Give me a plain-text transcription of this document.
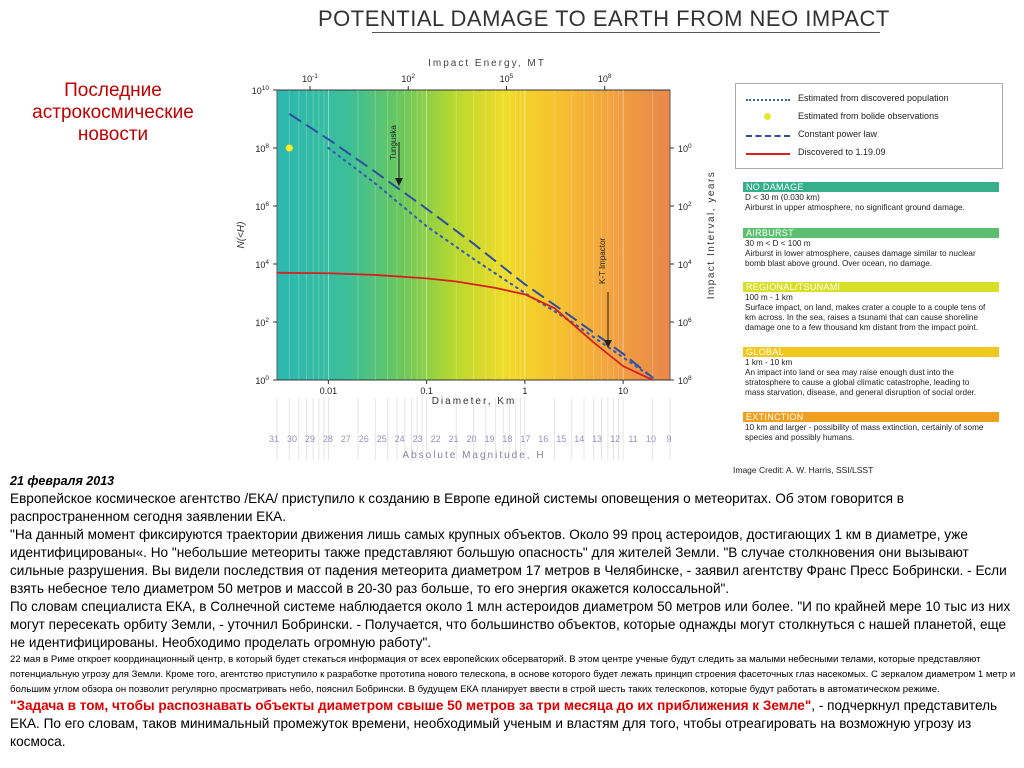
POTENTIAL DAMAGE TO EARTH FROM NEO IMPACT
Последние
астрокосмические
новости
Impact Energy, MT
$10^{-1}$	$10^2$	$10^5$	$10^8$
$10^{10}$
$10^8$
$10^6$
$10^4$
$10^2$
$10^0$
N(<H)
$10^0$
$10^2$
$10^4$
$10^6$
$10^8$
Impact Interval, years
0.01	0.1	1	10
Diameter, Km
31 30 29 28 27 26 25 24 23 22 21 20 19 18 17 16 15 14 13 12 11 10 9
Absolute Magnitude, H
Tunguska
K-T Impactor
Estimated from discovered population
Estimated from bolide observations
Constant power law
Discovered to 1.19.09
NO DAMAGE
D < 30 m (0.030 km)
Airburst in upper atmosphere, no significant ground damage.
AIRBURST
30 m < D < 100 m
Airburst in lower atmosphere, causes damage similar to nuclear
bomb blast above ground. Over ocean, no damage.
REGIONAL/TSUNAMI
100 m - 1 km
Surface impact, on land, makes crater a couple to a couple tens of
km across. In the sea, raises a tsunami that can cause shoreline
damage one to a few thousand km distant from the impact point.
GLOBAL
1 km - 10 km
An impact into land or sea may raise enough dust into the
stratosphere to cause a global climatic catastrophe, leading to
mass starvation, disease, and general disruption of social order.
EXTINCTION
10 km and larger - possibility of mass extinction, certainly of some
species and possibly humans.
Image Credit: A. W. Harris, SSI/LSST

21 февраля 2013

Европейское космическое агентство /ЕКА/ приступило к созданию в Европе единой системы оповещения о метеоритах. Об этом говорится в распространенном сегодня заявлении ЕКА.

"На данный момент фиксируются траектории движения лишь самых крупных объектов. Около 99 проц астероидов, достигающих 1 км в диаметре, уже идентифицированы«. Но "небольшие метеориты также представляют большую опасность" для жителей Земли. "В случае столкновения они вызывают сильные разрушения. Вы видели последствия от падения метеорита диаметром 17 метров в Челябинске, - заявил агентству Франс Пресс Бобрински. - Если взять небесное тело диаметром 50 метров и массой в 20-30 раз больше, то его энергия окажется колоссальной".

По словам специалиста ЕКА, в Солнечной системе наблюдается около 1 млн астероидов диаметром 50 метров или более. "И по крайней мере 10 тыс из них могут пересекать орбиту Земли, - уточнил Бобрински. - Получается, что большинство объектов, которые однажды могут столкнуться с нашей планетой, еще не идентифицированы. Необходимо проделать огромную работу".

22 мая в Риме откроет координационный центр, в который будет стекаться информация от всех европейских обсерваторий. В этом центре ученые будут следить за малыми небесными телами, которые представляют потенциальную угрозу для Земли. Кроме того, агентство приступило к разработке прототипа нового телескопа, в основе которого будет лежать принцип строения фасеточных глаз насекомых. С зеркалом диаметром 1 метр и большим углом обзора он позволит регулярно просматривать небо, пояснил Бобрински. В будущем ЕКА планирует ввести в строй шесть таких телескопов, которые будут работать в автоматическом режиме.

"Задача в том, чтобы распознавать объекты диаметром свыше 50 метров за три месяца до их приближения к Земле", - подчеркнул представитель ЕКА. По его словам, таков минимальный промежуток времени, необходимый ученым и властям для того, чтобы отреагировать на возможную угрозу из космоса.
